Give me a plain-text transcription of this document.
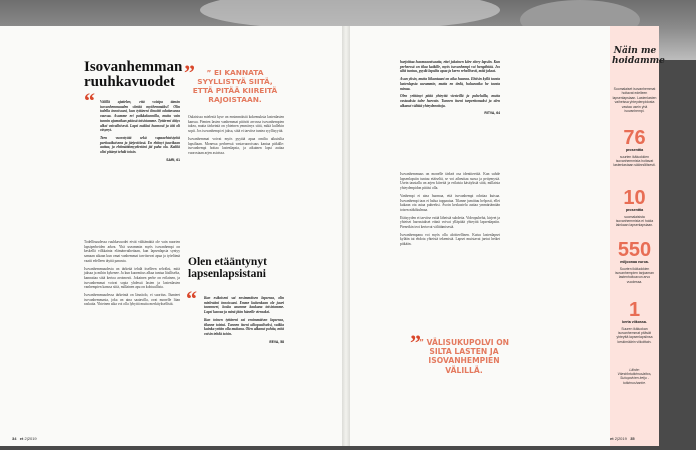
Isovanhemman ruuhkavuodet
“ Välillä ajattelen, että voisipa tämän isovanhemmuuden siirtää myöhemmäksi! Olin todella innoissani, kun tyttäreni ilmoitti odottavansa vauvaa. Asumme eri paikkakunnilla, mutta vain tunnin ajomatkan päässä toisistamme. Tyttäreni äitiys alkoi vaivalloisesti. Lapsi nukkui huonosti ja äiti oli väsynyt.

Teen vuorotyötä sekä vapaaehtoistyötä partioaikuisena ja järjestöissä. En ehtinyt juurikaan auttaa, ja ehtimättömyydestäni jäi paha olo. Kaikki olisi pitänyt tehdä toisin.

SARI, 61

Todellisuudessa ruuhkavuodet eivät välttämättä ole vain nuorten lapsiperheiden arkea. Yhä useammin myös isovanhempi on keskellä vilkkainta elämänvaihettaan, kun lapsenlapsia syntyy samaan aikaan kun omat vanhemmat tarvitsevat apua ja työelämä vaatii edelleen täyttä panosta.

Isovanhemmuudesta on tärkeää tehdä itselleen selväksi, mitä jaksaa ja mihin kykenee. Ja kun kuormitus alkaa tuntua liialliselta, kannattaa siitä kertoa avoimesti. Jokainen perhe on erilainen, ja isovanhemmat voivat sopia yhdessä lasten ja lastenlasten vanhempien kanssa siitä, millainen apu on kohtuullista.

Isovanhemmuudessa tärkeintä on läsnäolo, ei suoritus. Ihanteet isovanhemmasta, joka on aina saatavilla, ovat monelle liian raskaita. Yhteinen aika voi olla lyhyttä mutta merkityksellistä.

”	” EI KANNATA SYYLLISTYÄ SIITÄ, ETTÄ PITÄÄ KIIREITÄ RAJOISTAAN.

Oulaisissa mielestä kyse on ensimmäisiä kokemuksia lastenlasten kanssa. Pienten lasten vanhemmat pitävät arvossa isovanhempien tukea, mutta tärkeintä on yhteinen ymmärrys siitä, mikä kullekin sopii. Jos isovanhempi ei jaksa, siitä ei tarvitse tuntea syyllisyyttä.

Isovanhemmat voivat myös pyytää apua omilta aikuisilta lapsiltaan. Monessa perheessä vastavuoroisuus kantaa pitkälle: isovanhempi hoitaa lastenlapsia, ja aikuinen lapsi auttaa vuorostaan arjen asioissa.

Olen etääntynyt lapsenlapsistani
“ Kun esikoiseni sai ensimmäisen lapsensa, olin mielestäni innoissani. Emme kuitenkaan ole juuri tavanneet, koska asumme kaukana toisistamme. Lapsi kasvaa ja minä jään hänelle vieraaksi.

Kun toinen tyttäreni sai ensimmäisen lapsensa, tilanne toistui. Tunnen itseni ulkopuoliseksi, vaikka kuinka yritän olla mukana. Olen alkanut pohtia, mitä voisin tehdä toisin.

EEVA, 58
34 et 2|2019

harjoittaa huomaavaisuutta, ettei jokainen kiire siirry lapsiin. Kun perheessä on tilaa kaikille, myös isovanhempi voi hengähtää. Jos siltä tuntuu, pyydä lapsilta apua ja kerro rehellisesti, mitä jaksat.

Asun yksin, mutta liikuntaani on aika huonoa. Ehtisin kyllä tavata lastenlapsia useammin, mutta en tiedä, haluavatko he tavata minua.

Olen yrittänyt pitää yhteyttä viesteillä ja puheluilla, mutta vastauksia tulee harvoin. Tunnen itseni tarpeettomaksi ja olen alkanut välttää yhteydenottoja.

RITVA, 64

Isovanhemmuus on monelle tärkeä osa identiteettiä. Kun suhde lapsenlapsiin tuntuu etäiseltä, se voi aiheuttaa surua ja pettymystä. Usein taustalla on arjen kiireitä ja erilaisia käsityksiä siitä, millaista yhteydenpidon pitäisi olla.

Vanhempi ei aina huomaa, että isovanhempi odottaa kutsua. Isovanhempi taas ei halua tuppautua. Tilanne jumittuu helposti, ellei kukaan ota asiaa puheeksi. Avoin keskustelu auttaa ymmärtämään toisen näkökulmaa.

Etäisyyden ei tarvitse estää läheistä suhdetta. Videopuhelut, kirjeet ja yhteiset harrastukset etänä voivat ylläpitää yhteyttä lapsenlapsiin. Pienetkin teot kertovat välittämisestä.

Isovanhempana voi myös olla aloitteellinen. Kutsu lastenlapset kylään tai ehdota yhteistä tekemistä. Lapset muistavat jaetut hetket pitkään.

”
” VÄLISUKUPOLVI ON SILTA LASTEN JA ISOVANHEMPIEN VÄLILLÄ.
Näin me hoidamme
Suomalaiset isovanhemmat hoitavat edelleen lapsenlapsiaan. Lastenlasten vaiheissa yhteydenpidosta vastaa usein yhä isovanhempi.
76
prosenttia
suurten ikäluokkien isovanhemmista hoitavat lastenlastaan säännöllisesti.
10
prosenttia
suomalaisista isovanhemmista ei hoida lainkaan lapsenlapsiaan.
550
miljoonaa euroa.
Suurten ikäluokkien isovanhempien tarjoaman lastenhoitoavun arvo vuodessa.
1
kerta viikossa.
Suuren ikäluokan isovanhemmat pitävät yhteyttä lapsenlapsiinsa keskimäärin viikoittain.
Lähde: Väestöntutkimuslaitos, Sukupolvien ketju -tutkimushanke.
et 2|2019 35
